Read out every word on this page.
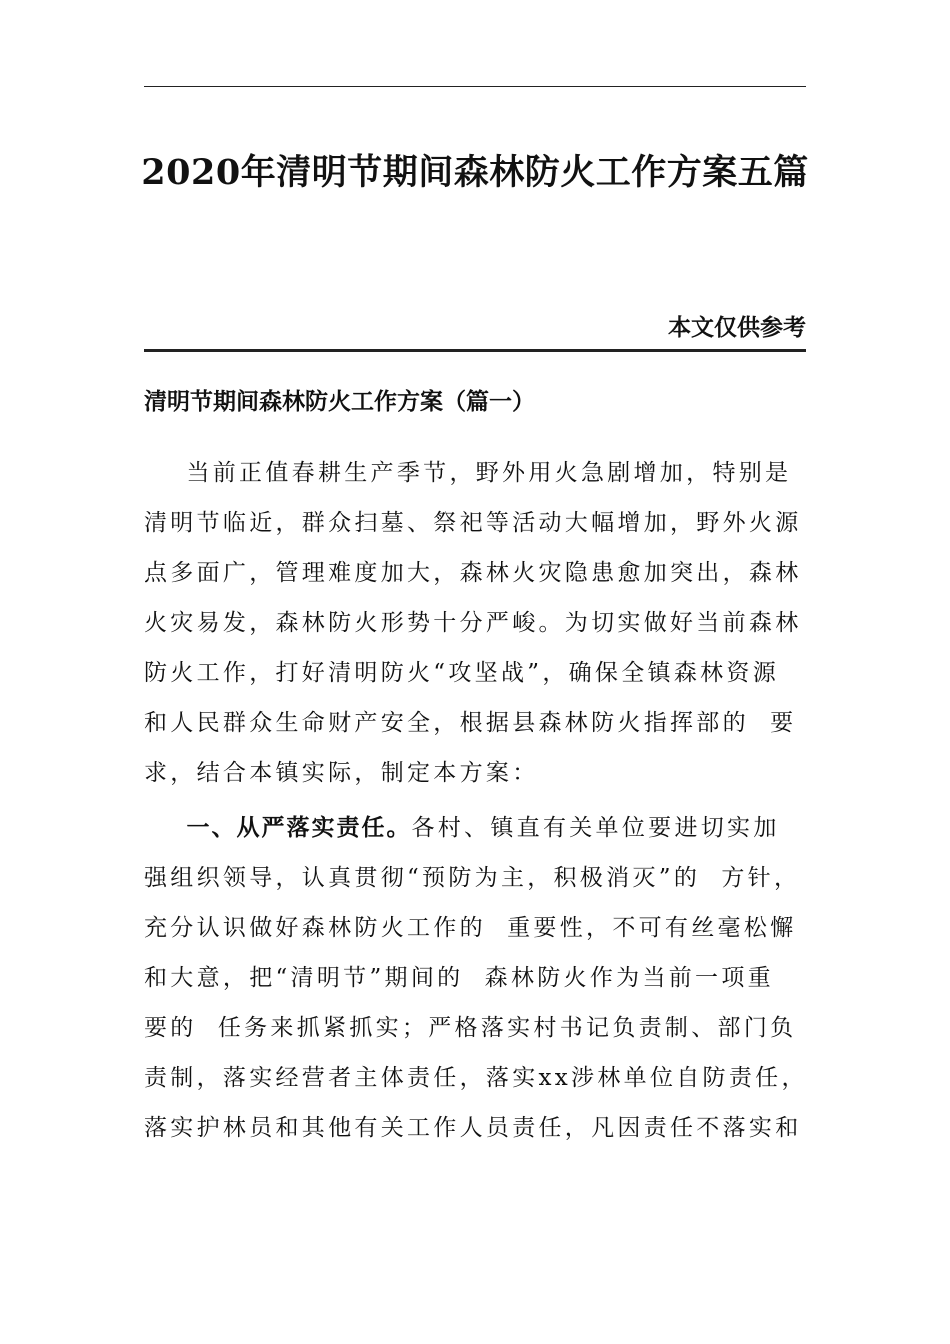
2020年清明节期间森林防火工作方案五篇
本文仅供参考
清明节期间森林防火工作方案（篇一）
当前正值春耕生产季节，野外用火急剧增加，特别是
清明节临近，群众扫墓、祭祀等活动大幅增加，野外火源
点多面广，管理难度加大，森林火灾隐患愈加突出，森林
火灾易发，森林防火形势十分严峻。为切实做好当前森林
防火工作，打好清明防火“攻坚战”，确保全镇森林资源
和人民群众生命财产安全，根据县森林防火指挥部的  要
求，结合本镇实际，制定本方案：
一、从严落实责任。各村、镇直有关单位要进切实加
强组织领导，认真贯彻“预防为主，积极消灭”的  方针，
充分认识做好森林防火工作的  重要性，不可有丝毫松懈
和大意，把“清明节”期间的  森林防火作为当前一项重
要的  任务来抓紧抓实；严格落实村书记负责制、部门负
责制，落实经营者主体责任，落实xx涉林单位自防责任，
落实护林员和其他有关工作人员责任，凡因责任不落实和
